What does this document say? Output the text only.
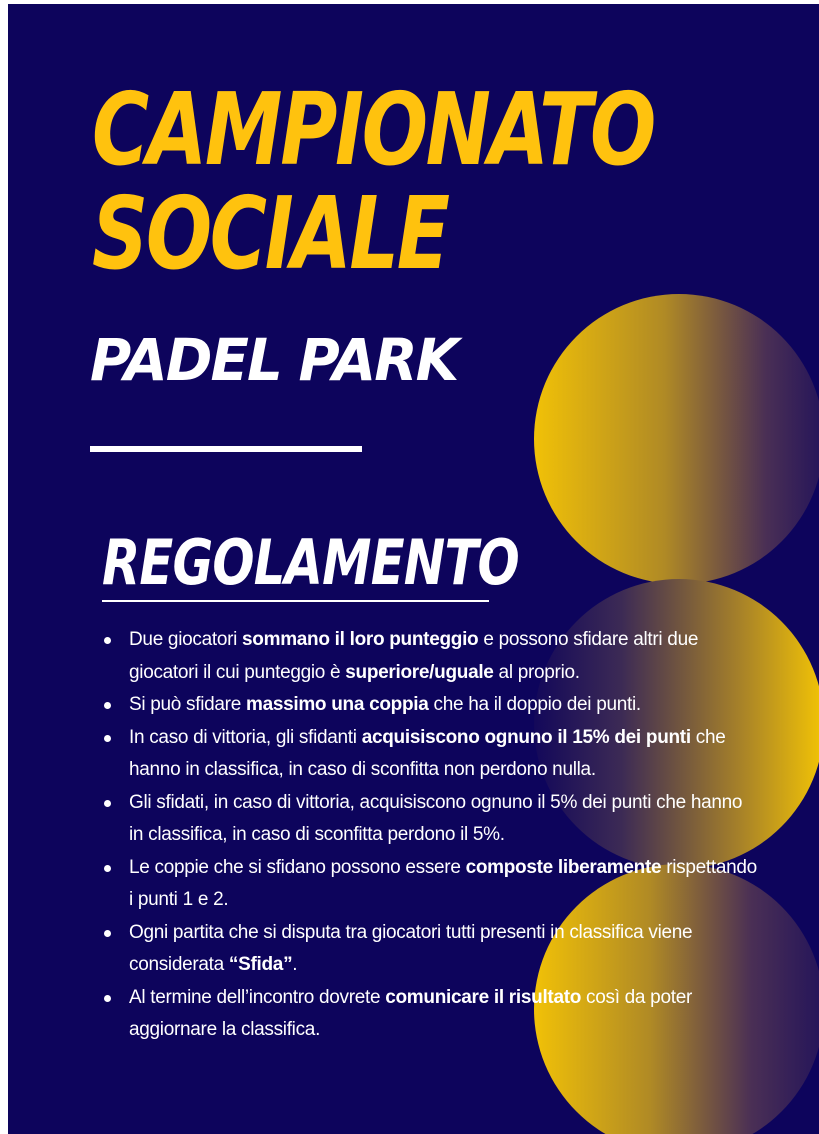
CAMPIONATO
SOCIALE
PADEL PARK
REGOLAMENTO
Due giocatori sommano il loro punteggio e possono sfidare altri due giocatori il cui punteggio è superiore/uguale al proprio.
Si può sfidare massimo una coppia che ha il doppio dei punti.
In caso di vittoria, gli sfidanti acquisiscono ognuno il 15% dei punti che hanno in classifica, in caso di sconfitta non perdono nulla.
Gli sfidati, in caso di vittoria, acquisiscono ognuno il 5% dei punti che hanno in classifica, in caso di sconfitta perdono il 5%.
Le coppie che si sfidano possono essere composte liberamente rispettando i punti 1 e 2.
Ogni partita che si disputa tra giocatori tutti presenti in classifica viene considerata “Sfida”.
Al termine dell’incontro dovrete comunicare il risultato così da poter aggiornare la classifica.
